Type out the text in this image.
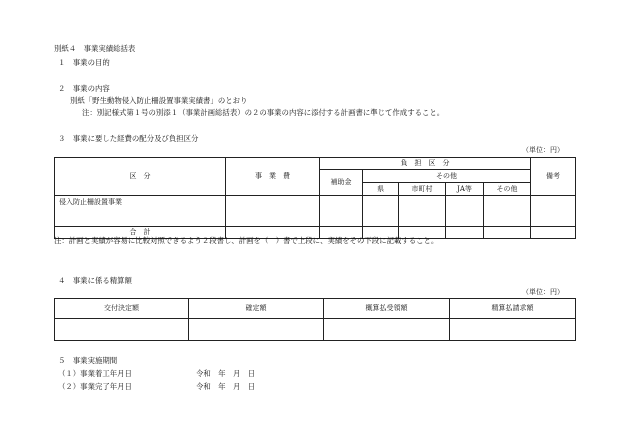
別紙４　事業実績総括表
１　事業の目的
２　事業の内容
別紙「野生動物侵入防止柵設置事業実績書」のとおり
注：別記様式第１号の別添１（事業計画総括表）の２の事業の内容に添付する計画書に準じて作成すること。
３　事業に要した経費の配分及び負担区分
（単位：円）
区　分	事　業　費	負　担　区　分					備考
		補助金	その他				
			県	市町村	JA等	その他	
侵入防止柵設置事業							
合　計							
注：計画と実績が容易に比較対照できるよう２段書し、計画を（　）書で上段に、実績をその下段に記載すること。
４　事業に係る精算額
（単位：円）
交付決定額	確定額	概算払受領額	精算払請求額

５　事業実施期間
（１）事業着工年月日	令和　年　月　日
（２）事業完了年月日	令和　年　月　日
